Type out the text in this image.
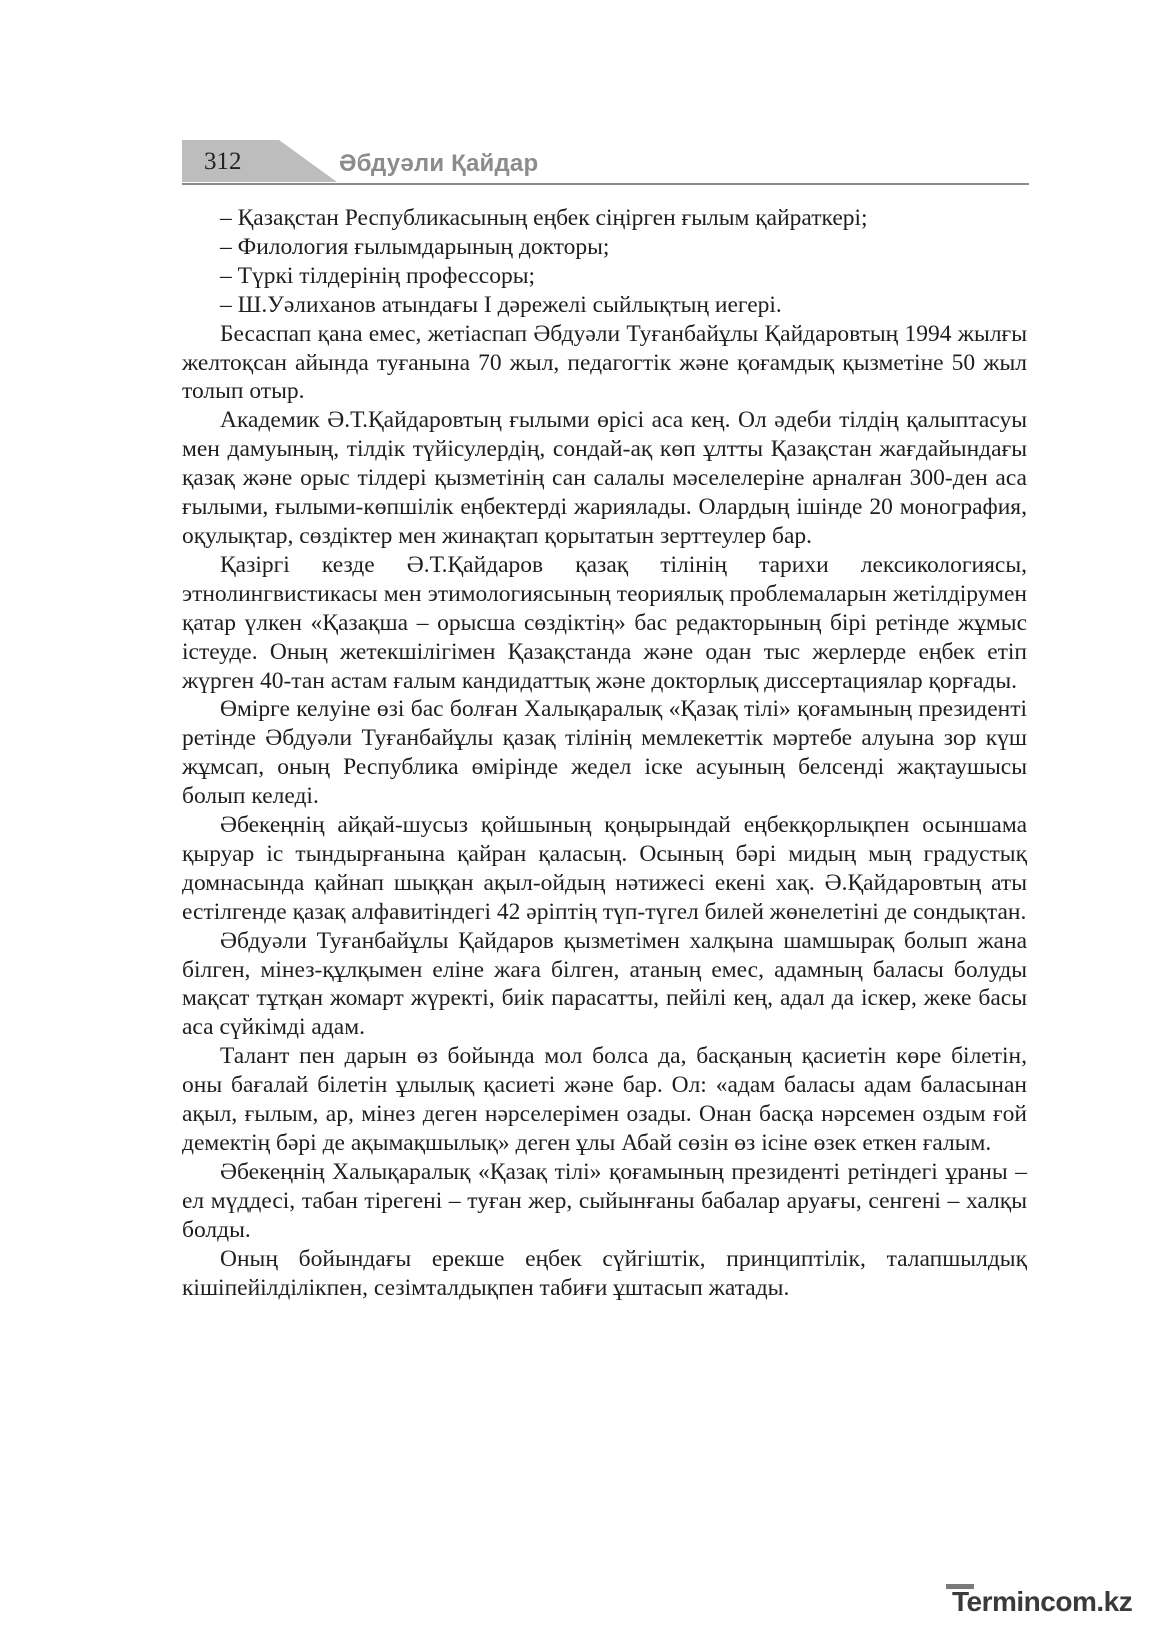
312	Әбдуәли Қайдар

– Қазақстан Республикасының еңбек сіңірген ғылым қайраткері;

– Филология ғылымдарының докторы;

– Түркі тілдерінің профессоры;

– Ш.Уәлиханов атындағы І дәрежелі сыйлықтың иегері.

Бесаспап қана емес, жетіаспап Әбдуәли Туғанбайұлы Қайдаровтың 1994 жылғы желтоқсан айында туғанына 70 жыл, педагогтік және қоғамдық қызметіне 50 жыл толып отыр.

Академик Ә.Т.Қайдаровтың ғылыми өрісі аса кең. Ол әдеби тілдің қалыптасуы мен дамуының, тілдік түйісулердің, сондай-ақ көп ұлтты Қазақстан жағдайындағы қазақ және орыс тілдері қызметінің сан салалы мәселелеріне арналған 300-ден аса ғылыми, ғылыми-көпшілік еңбектерді жариялады. Олардың ішінде 20 монография, оқулықтар, сөздіктер мен жинақтап қорытатын зерттеулер бар.

Қазіргі кезде Ә.Т.Қайдаров қазақ тілінің тарихи лексикологиясы, этнолингвистикасы мен этимологиясының теориялық проблемаларын жетілдірумен қатар үлкен «Қазақша – орысша сөздіктің» бас редакторының бірі ретінде жұмыс істеуде. Оның жетекшілігімен Қазақстанда және одан тыс жерлерде еңбек етіп жүрген 40-тан астам ғалым кандидаттық және докторлық диссертациялар қорғады.

Өмірге келуіне өзі бас болған Халықаралық «Қазақ тілі» қоғамының президенті ретінде Әбдуәли Туғанбайұлы қазақ тілінің мемлекеттік мәртебе алуына зор күш жұмсап, оның Республика өмірінде жедел іске асуының белсенді жақтаушысы болып келеді.

Әбекеңнің айқай-шусыз қойшының қоңырындай еңбекқорлықпен осыншама қыруар іс тындырғанына қайран қаласың. Осының бәрі мидың мың градустық домнасында қайнап шыққан ақыл-ойдың нәтижесі екені хақ. Ә.Қайдаровтың аты естілгенде қазақ алфавитіндегі 42 әріптің түп-түгел билей жөнелетіні де сондықтан.

Әбдуәли Туғанбайұлы Қайдаров қызметімен халқына шамшырақ болып жана білген, мінез-құлқымен еліне жаға білген, атаның емес, адамның баласы болуды мақсат тұтқан жомарт жүректі, биік парасатты, пейілі кең, адал да іскер, жеке басы аса сүйкімді адам.

Талант пен дарын өз бойында мол болса да, басқаның қасиетін көре білетін, оны бағалай білетін ұлылық қасиеті және бар. Ол: «адам баласы адам баласынан ақыл, ғылым, ар, мінез деген нәрселерімен озады. Онан басқа нәрсемен оздым ғой демектің бәрі де ақымақшылық» деген ұлы Абай сөзін өз ісіне өзек еткен ғалым.

Әбекеңнің Халықаралық «Қазақ тілі» қоғамының президенті ретіндегі ұраны – ел мүддесі, табан тірегені – туған жер, сыйынғаны бабалар аруағы, сенгені – халқы болды.

Оның бойындағы ерекше еңбек сүйгіштік, принциптілік, талапшылдық кішіпейілділікпен, сезімталдықпен табиғи ұштасып жатады.

Termincom.kz
